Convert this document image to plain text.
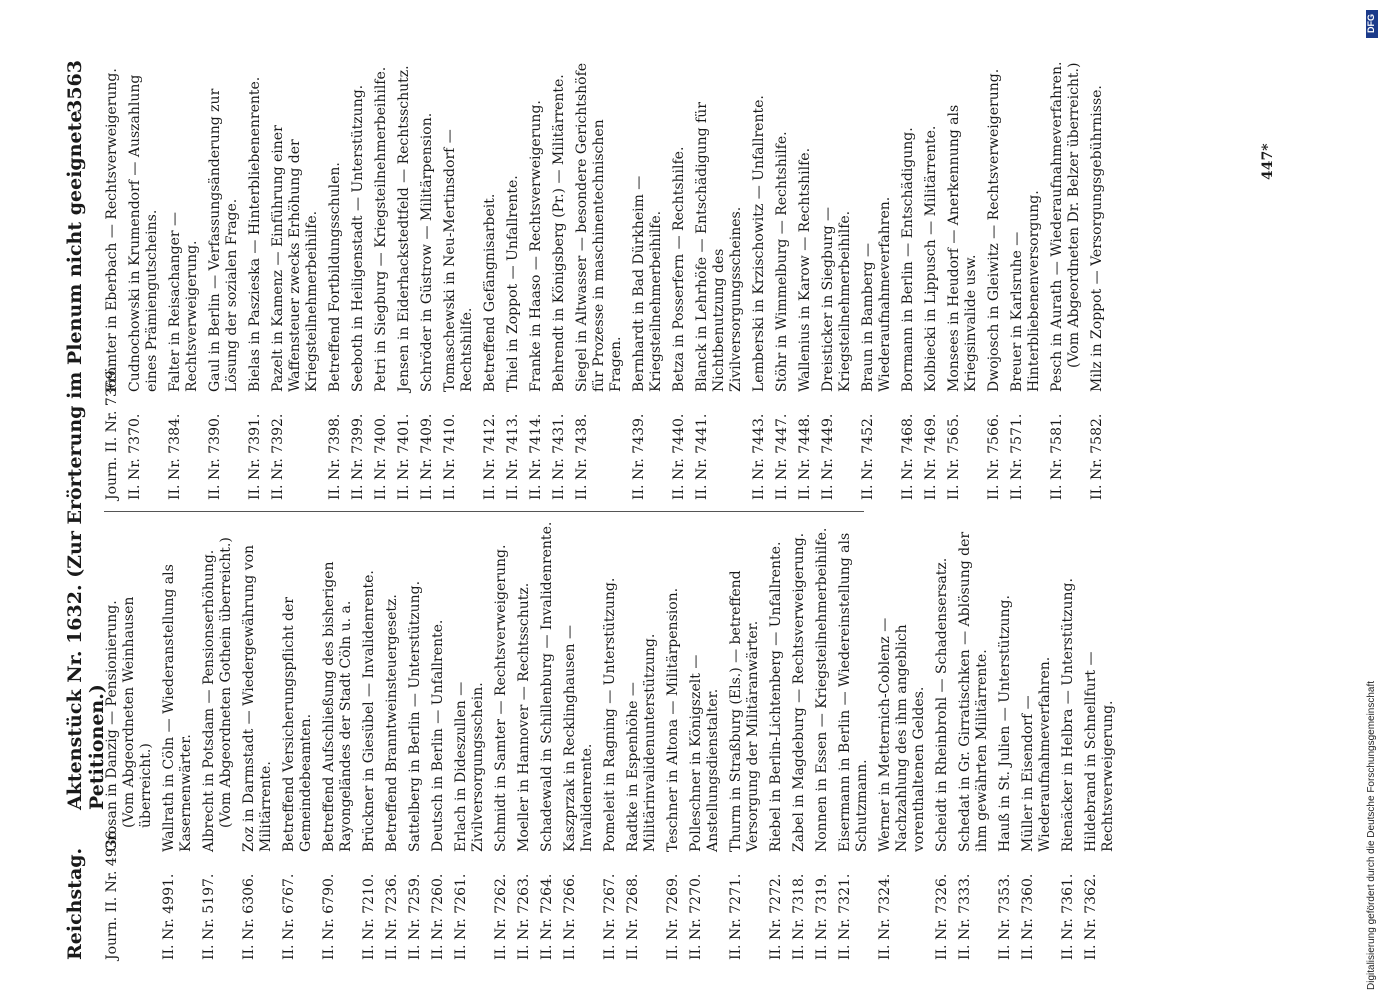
Reichstag.
Aktenstück Nr. 1632. (Zur Erörterung im Plenum nicht geeignete Petitionen.)
3563
Journ. II. Nr. 4936.
Grosan in Danzig — Pensionierung. (Vom Abgeordneten Weinhausen überreicht.)
II. Nr. 4991.
Wallrath in Cöln — Wiederanstellung als Kasernenwärter.
II. Nr. 5197.
Albrecht in Potsdam — Pensionserhöhung. (Vom Abgeordneten Gothein überreicht.)
II. Nr. 6306.
Zoz in Darmstadt — Wiedergewährung von Militärrente.
II. Nr. 6767.
Betreffend Versicherungspflicht der Gemeindebeamten.
II. Nr. 6790.
Betreffend Aufschließung des bisherigen Rayongeländes der Stadt Cöln u. a.
II. Nr. 7210.
Brückner in Giesübel — Invalidenrente.
II. Nr. 7236.
Betreffend Branntweinsteuergesetz.
II. Nr. 7259.
Sattelberg in Berlin — Unterstützung.
II. Nr. 7260.
Deutsch in Berlin — Unfallrente.
II. Nr. 7261.
Erlach in Dideszullen — Zivilversorgungsschein.
II. Nr. 7262.
Schmidt in Samter — Rechtsverweigerung.
II. Nr. 7263.
Moeller in Hannover — Rechtsschutz.
II. Nr. 7264.
Schadewald in Schillenburg — Invalidenrente.
II. Nr. 7266.
Kaszprzak in Recklinghausen — Invalidenrente.
II. Nr. 7267.
Pomeleit in Ragning — Unterstützung.
II. Nr. 7268.
Radtke in Espenhöhe — Militärinvalidenunterstützung.
II. Nr. 7269.
Teschner in Altona — Militärpension.
II. Nr. 7270.
Polleschner in Königszelt — Anstellungsdienstalter.
II. Nr. 7271.
Thurm in Straßburg (Els.) — betreffend Versorgung der Militäranwärter.
II. Nr. 7272.
Riebel in Berlin-Lichtenberg — Unfallrente.
II. Nr. 7318.
Zabel in Magdeburg — Rechtsverweigerung.
II. Nr. 7319.
Nonnen in Essen — Kriegsteilnehmerbeihilfe.
II. Nr. 7321.
Eisermann in Berlin — Wiedereinstellung als Schutzmann.
II. Nr. 7324.
Werner in Metternich-Coblenz — Nachzahlung des ihm angeblich vorenthaltenen Geldes.
II. Nr. 7326.
Scheidt in Rheinbrohl — Schadensersatz.
II. Nr. 7333.
Schedat in Gr. Girratischken — Ablösung der ihm gewährten Militärrente.
II. Nr. 7353.
Hauß in St. Julien — Unterstützung.
II. Nr. 7360.
Müller in Eisendorf — Wiederaufnahmeverfahren.
II. Nr. 7361.
Rienäcker in Helbra — Unterstützung.
II. Nr. 7362.
Hildebrand in Schnellfurt — Rechtsverweigerung.
Journ. II. Nr. 7369.
Frömter in Eberbach — Rechtsverweigerung.
II. Nr. 7370.
Cudnochowski in Krumendorf — Auszahlung eines Prämiengutscheins.
II. Nr. 7384.
Falter in Reisachanger — Rechtsverweigerung.
II. Nr. 7390.
Gaul in Berlin — Verfassungsänderung zur Lösung der sozialen Frage.
II. Nr. 7391.
Bielas in Paszieska — Hinterbliebenenrente.
II. Nr. 7392.
Pazelt in Kamenz — Einführung einer Waffensteuer zwecks Erhöhung der Kriegsteilnehmerbeihilfe.
II. Nr. 7398.
Betreffend Fortbildungsschulen.
II. Nr. 7399.
Seeboth in Heiligenstadt — Unterstützung.
II. Nr. 7400.
Petri in Siegburg — Kriegsteilnehmerbeihilfe.
II. Nr. 7401.
Jensen in Eiderhackstedtfeld — Rechtsschutz.
II. Nr. 7409.
Schröder in Güstrow — Militärpension.
II. Nr. 7410.
Tomaschewski in Neu-Mertinsdorf — Rechtshilfe.
II. Nr. 7412.
Betreffend Gefängnisarbeit.
II. Nr. 7413.
Thiel in Zoppot — Unfallrente.
II. Nr. 7414.
Franke in Haaso — Rechtsverweigerung.
II. Nr. 7431.
Behrendt in Königsberg (Pr.) — Militärrente.
II. Nr. 7438.
Siegel in Altwasser — besondere Gerichtshöfe für Prozesse in maschinentechnischen Fragen.
II. Nr. 7439.
Bernhardt in Bad Dürkheim — Kriegsteilnehmerbeihilfe.
II. Nr. 7440.
Betza in Posserfern — Rechtshilfe.
II. Nr. 7441.
Blanck in Lehrhöfe — Entschädigung für Nichtbenutzung des Zivilversorgungsscheines.
II. Nr. 7443.
Lemberski in Krzischowitz — Unfallrente.
II. Nr. 7447.
Stöhr in Wimmelburg — Rechtshilfe.
II. Nr. 7448.
Wallenius in Karow — Rechtshilfe.
II. Nr. 7449.
Dreisticker in Siegburg — Kriegsteilnehmerbeihilfe.
II. Nr. 7452.
Braun in Bamberg — Wiederaufnahmeverfahren.
II. Nr. 7468.
Bormann in Berlin — Entschädigung.
II. Nr. 7469.
Kolbiecki in Lippusch — Militärrente.
II. Nr. 7565.
Monsees in Heudorf — Anerkennung als Kriegsinvalide usw.
II. Nr. 7566.
Dwojosch in Gleiwitz — Rechtsverweigerung.
II. Nr. 7571.
Breuer in Karlsruhe — Hinterbliebenenversorgung.
II. Nr. 7581.
Pesch in Aurath — Wiederaufnahmeverfahren. (Vom Abgeordneten Dr. Belzer überreicht.)
II. Nr. 7582.
Milz in Zoppot — Versorgungsgebührnisse.	447*
Digitalisierung gefördert durch die Deutsche Forschungsgemeinschaft
DFG
